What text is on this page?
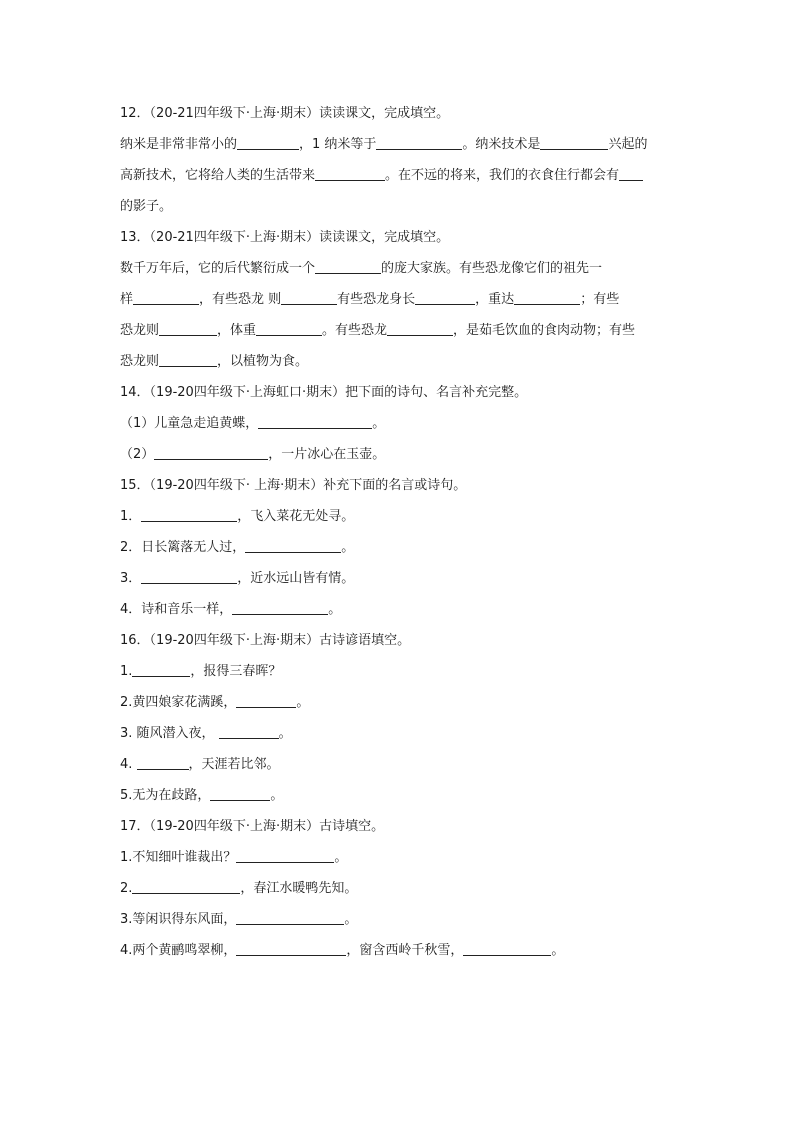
12．（20-21四年级下·上海·期末）读读课文，完成填空。
纳米是非常非常小的	，1 纳米等于	。纳米技术是	兴起的
高新技术，它将给人类的生活带来	。在不远的将来，我们的衣食住行都会有
的影子。
13．（20-21四年级下·上海·期末）读读课文，完成填空。
数千万年后，它的后代繁衍成一个	的庞大家族。有些恐龙像它们的祖先一
样	，有些恐龙 则	有些恐龙身长	，重达	；有些
恐龙则	，体重	。有些恐龙	，是茹毛饮血的食肉动物；有些
恐龙则	，以植物为食。
14．（19-20四年级下·上海虹口·期末）把下面的诗句、名言补充完整。
（1）儿童急走追黄蝶，	。
（2）	，一片冰心在玉壶。
15．（19-20四年级下· 上海·期末）补充下面的名言或诗句。
1．	，飞入菜花无处寻。
2．日长篱落无人过，	。
3．	，近水远山皆有情。
4．诗和音乐一样，	。
16．（19-20四年级下·上海·期末）古诗谚语填空。
1.	，报得三春晖？
2.黄四娘家花满蹊，	。
3. 随风潜入夜，	。
4.	，天涯若比邻。
5.无为在歧路，	。
17．（19-20四年级下·上海·期末）古诗填空。
1.不知细叶谁裁出？	。
2.	，春江水暖鸭先知。
3.等闲识得东风面，	。
4.两个黄鹂鸣翠柳，	，窗含西岭千秋雪，	。
